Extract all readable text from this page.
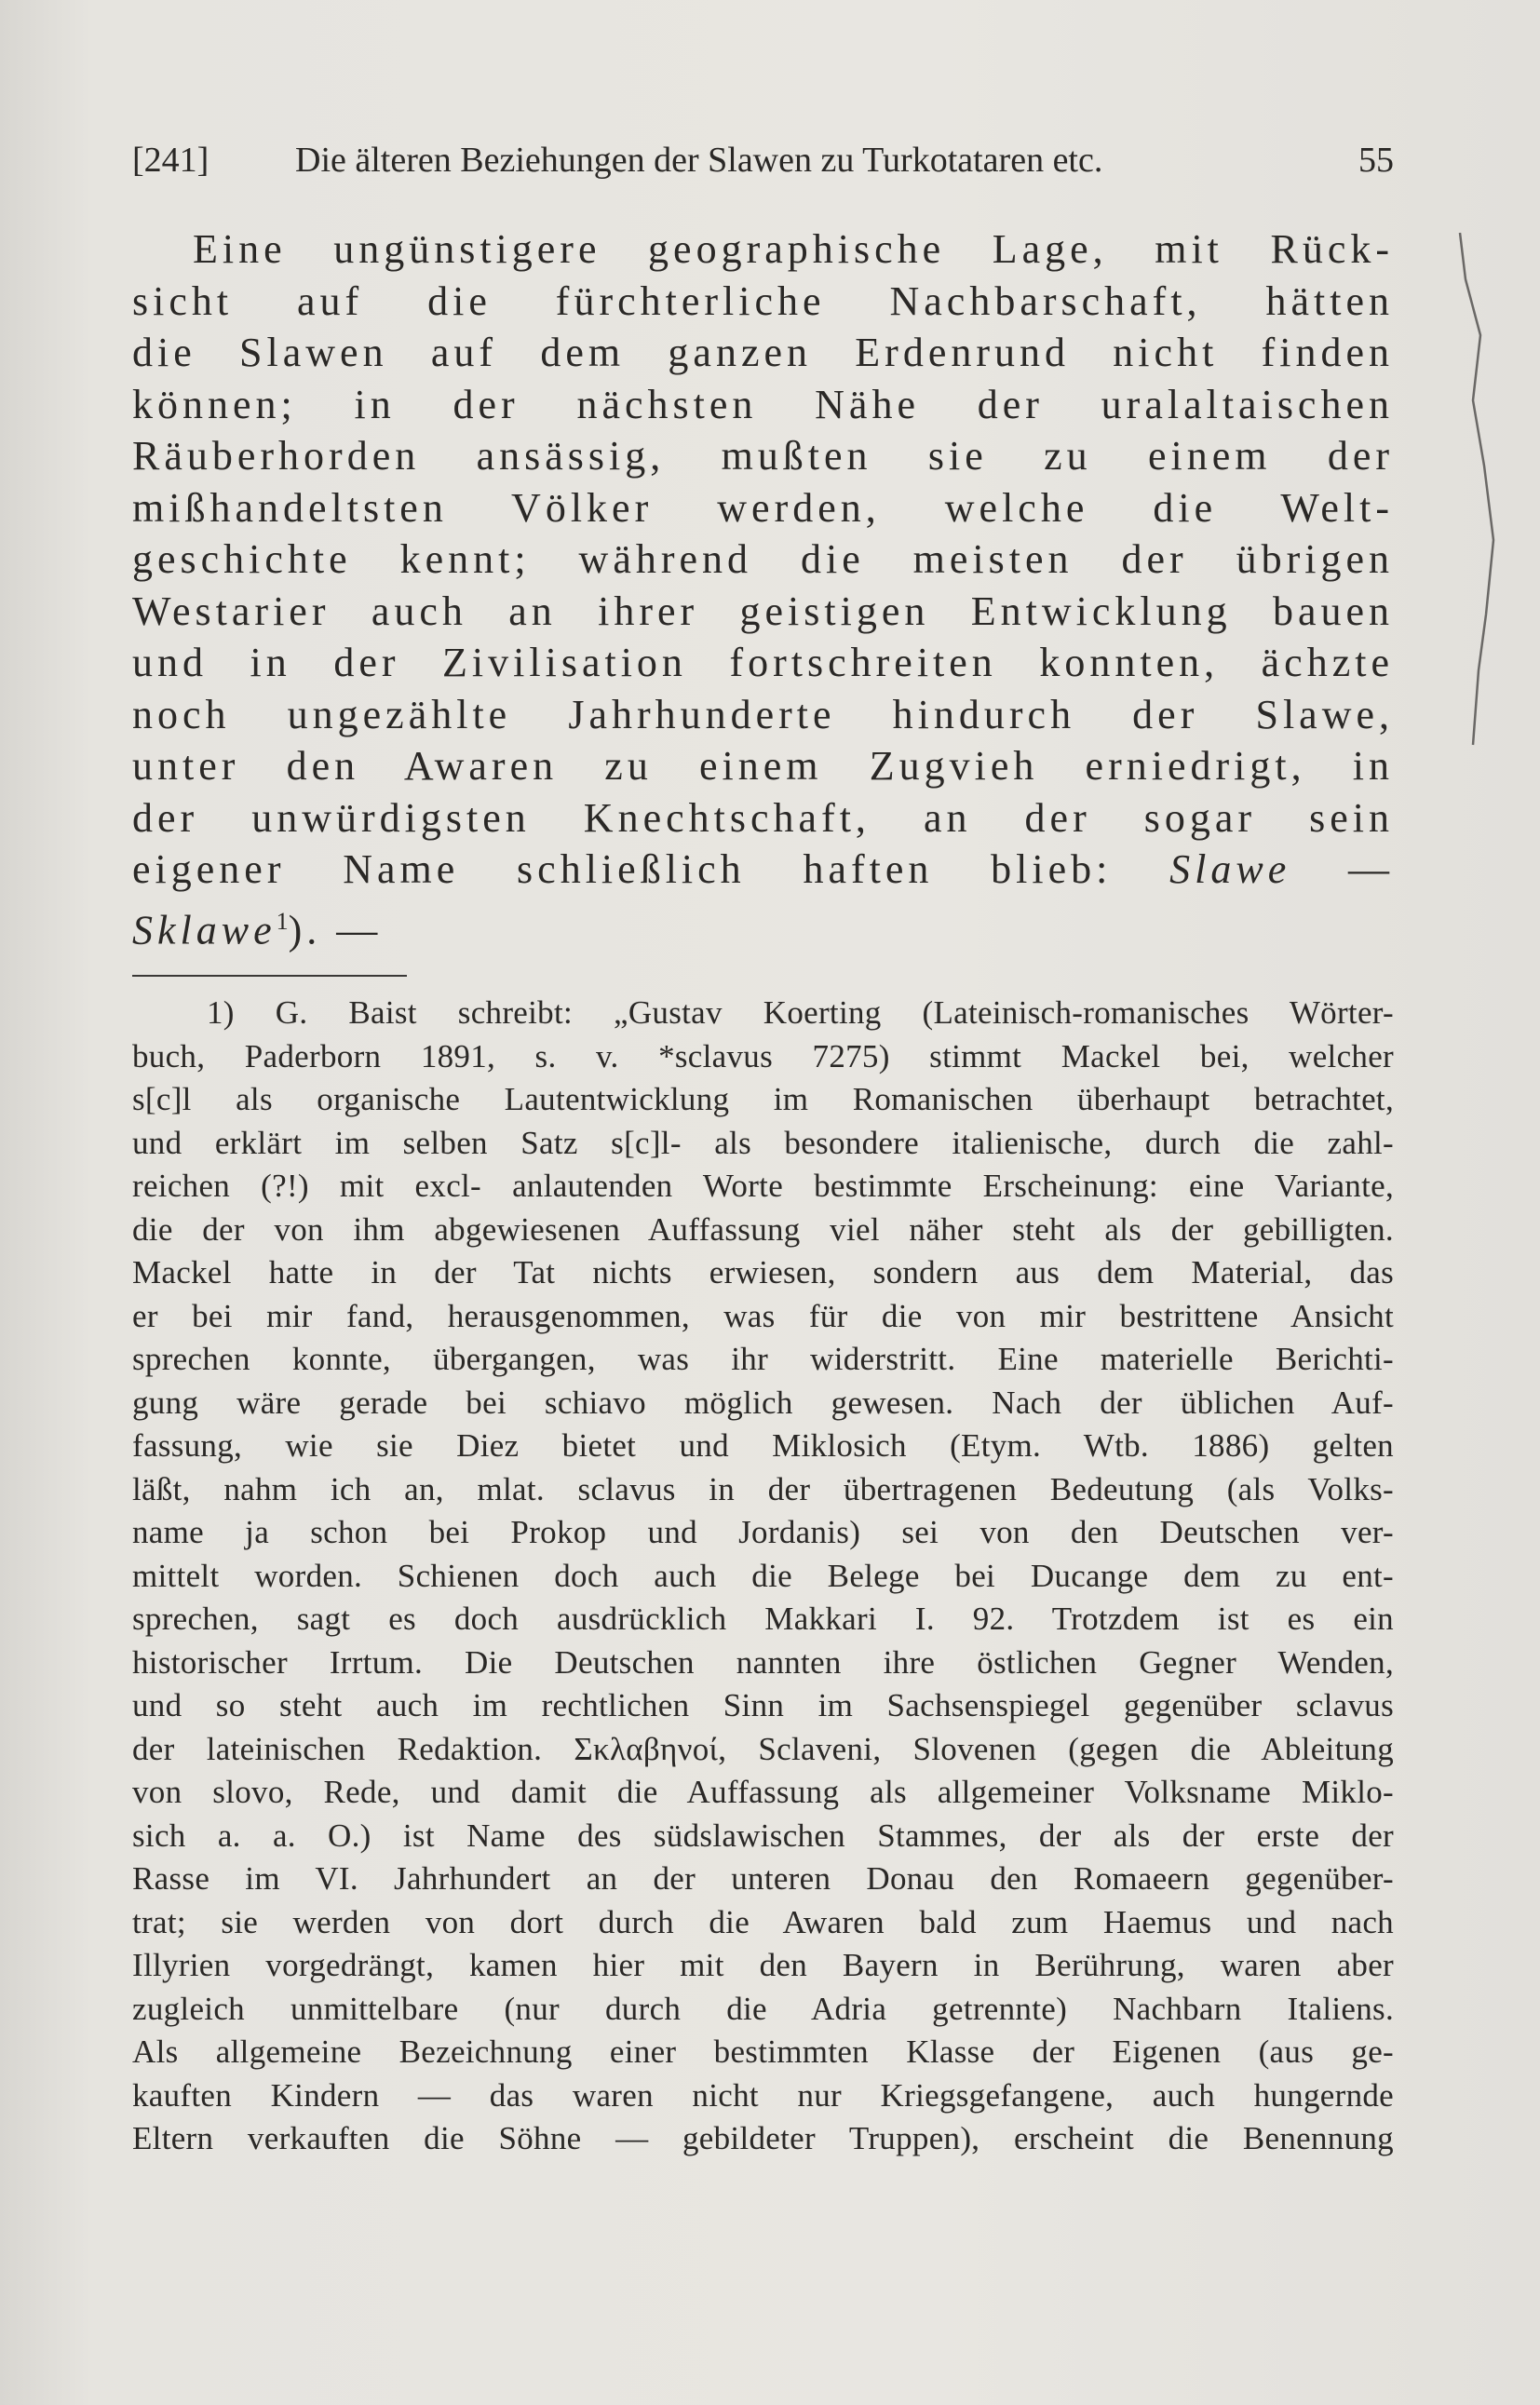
[241] Die älteren Beziehungen der Slawen zu Turkotataren etc.	55
Eine ungünstigere geographische Lage, mit Rück-
sicht auf die fürchterliche Nachbarschaft, hätten
die Slawen auf dem ganzen Erdenrund nicht finden
können; in der nächsten Nähe der uralaltaischen
Räuberhorden ansässig, mußten sie zu einem der
mißhandeltsten Völker werden, welche die Welt-
geschichte kennt; während die meisten der übrigen
Westarier auch an ihrer geistigen Entwicklung bauen
und in der Zivilisation fortschreiten konnten, ächzte
noch ungezählte Jahrhunderte hindurch der Slawe,
unter den Awaren zu einem Zugvieh erniedrigt, in
der unwürdigsten Knechtschaft, an der sogar sein
eigener Name schließlich haften blieb: Slawe —
Sklawe$^1$). —
1) G. Baist schreibt: „Gustav Koerting (Lateinisch-romanisches Wörter-
buch, Paderborn 1891, s. v. *sclavus 7275) stimmt Mackel bei, welcher
s[c]l als organische Lautentwicklung im Romanischen überhaupt betrachtet,
und erklärt im selben Satz s[c]l- als besondere italienische, durch die zahl-
reichen (?!) mit excl- anlautenden Worte bestimmte Erscheinung: eine Variante,
die der von ihm abgewiesenen Auffassung viel näher steht als der gebilligten.
Mackel hatte in der Tat nichts erwiesen, sondern aus dem Material, das
er bei mir fand, herausgenommen, was für die von mir bestrittene Ansicht
sprechen konnte, übergangen, was ihr widerstritt. Eine materielle Berichti-
gung wäre gerade bei schiavo möglich gewesen. Nach der üblichen Auf-
fassung, wie sie Diez bietet und Miklosich (Etym. Wtb. 1886) gelten
läßt, nahm ich an, mlat. sclavus in der übertragenen Bedeutung (als Volks-
name ja schon bei Prokop und Jordanis) sei von den Deutschen ver-
mittelt worden. Schienen doch auch die Belege bei Ducange dem zu ent-
sprechen, sagt es doch ausdrücklich Makkari I. 92. Trotzdem ist es ein
historischer Irrtum. Die Deutschen nannten ihre östlichen Gegner Wenden,
und so steht auch im rechtlichen Sinn im Sachsenspiegel gegenüber sclavus
der lateinischen Redaktion. Σκλαβηνοί, Sclaveni, Slovenen (gegen die Ableitung
von slovo, Rede, und damit die Auffassung als allgemeiner Volksname Miklo-
sich a. a. O.) ist Name des südslawischen Stammes, der als der erste der
Rasse im VI. Jahrhundert an der unteren Donau den Romaeern gegenüber-
trat; sie werden von dort durch die Awaren bald zum Haemus und nach
Illyrien vorgedrängt, kamen hier mit den Bayern in Berührung, waren aber
zugleich unmittelbare (nur durch die Adria getrennte) Nachbarn Italiens.
Als allgemeine Bezeichnung einer bestimmten Klasse der Eigenen (aus ge-
kauften Kindern — das waren nicht nur Kriegsgefangene, auch hungernde
Eltern verkauften die Söhne — gebildeter Truppen), erscheint die Benennung
